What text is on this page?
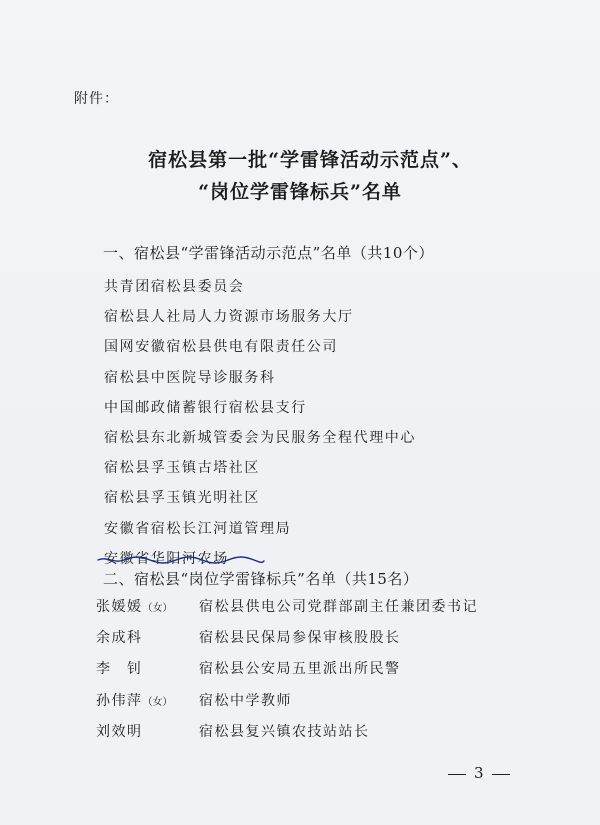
附件：
宿松县第一批“学雷锋活动示范点”、
“岗位学雷锋标兵”名单
一、宿松县“学雷锋活动示范点”名单（共10个）
共青团宿松县委员会
宿松县人社局人力资源市场服务大厅
国网安徽宿松县供电有限责任公司
宿松县中医院导诊服务科
中国邮政储蓄银行宿松县支行
宿松县东北新城管委会为民服务全程代理中心
宿松县孚玉镇古塔社区
宿松县孚玉镇光明社区
安徽省宿松长江河道管理局
安徽省华阳河农场
二、宿松县“岗位学雷锋标兵”名单（共15名）
张媛媛（女） 宿松县供电公司党群部副主任兼团委书记
余成科	宿松县民保局参保审核股股长
李　钊	宿松县公安局五里派出所民警
孙伟萍（女） 宿松中学教师
刘效明	宿松县复兴镇农技站站长
3
